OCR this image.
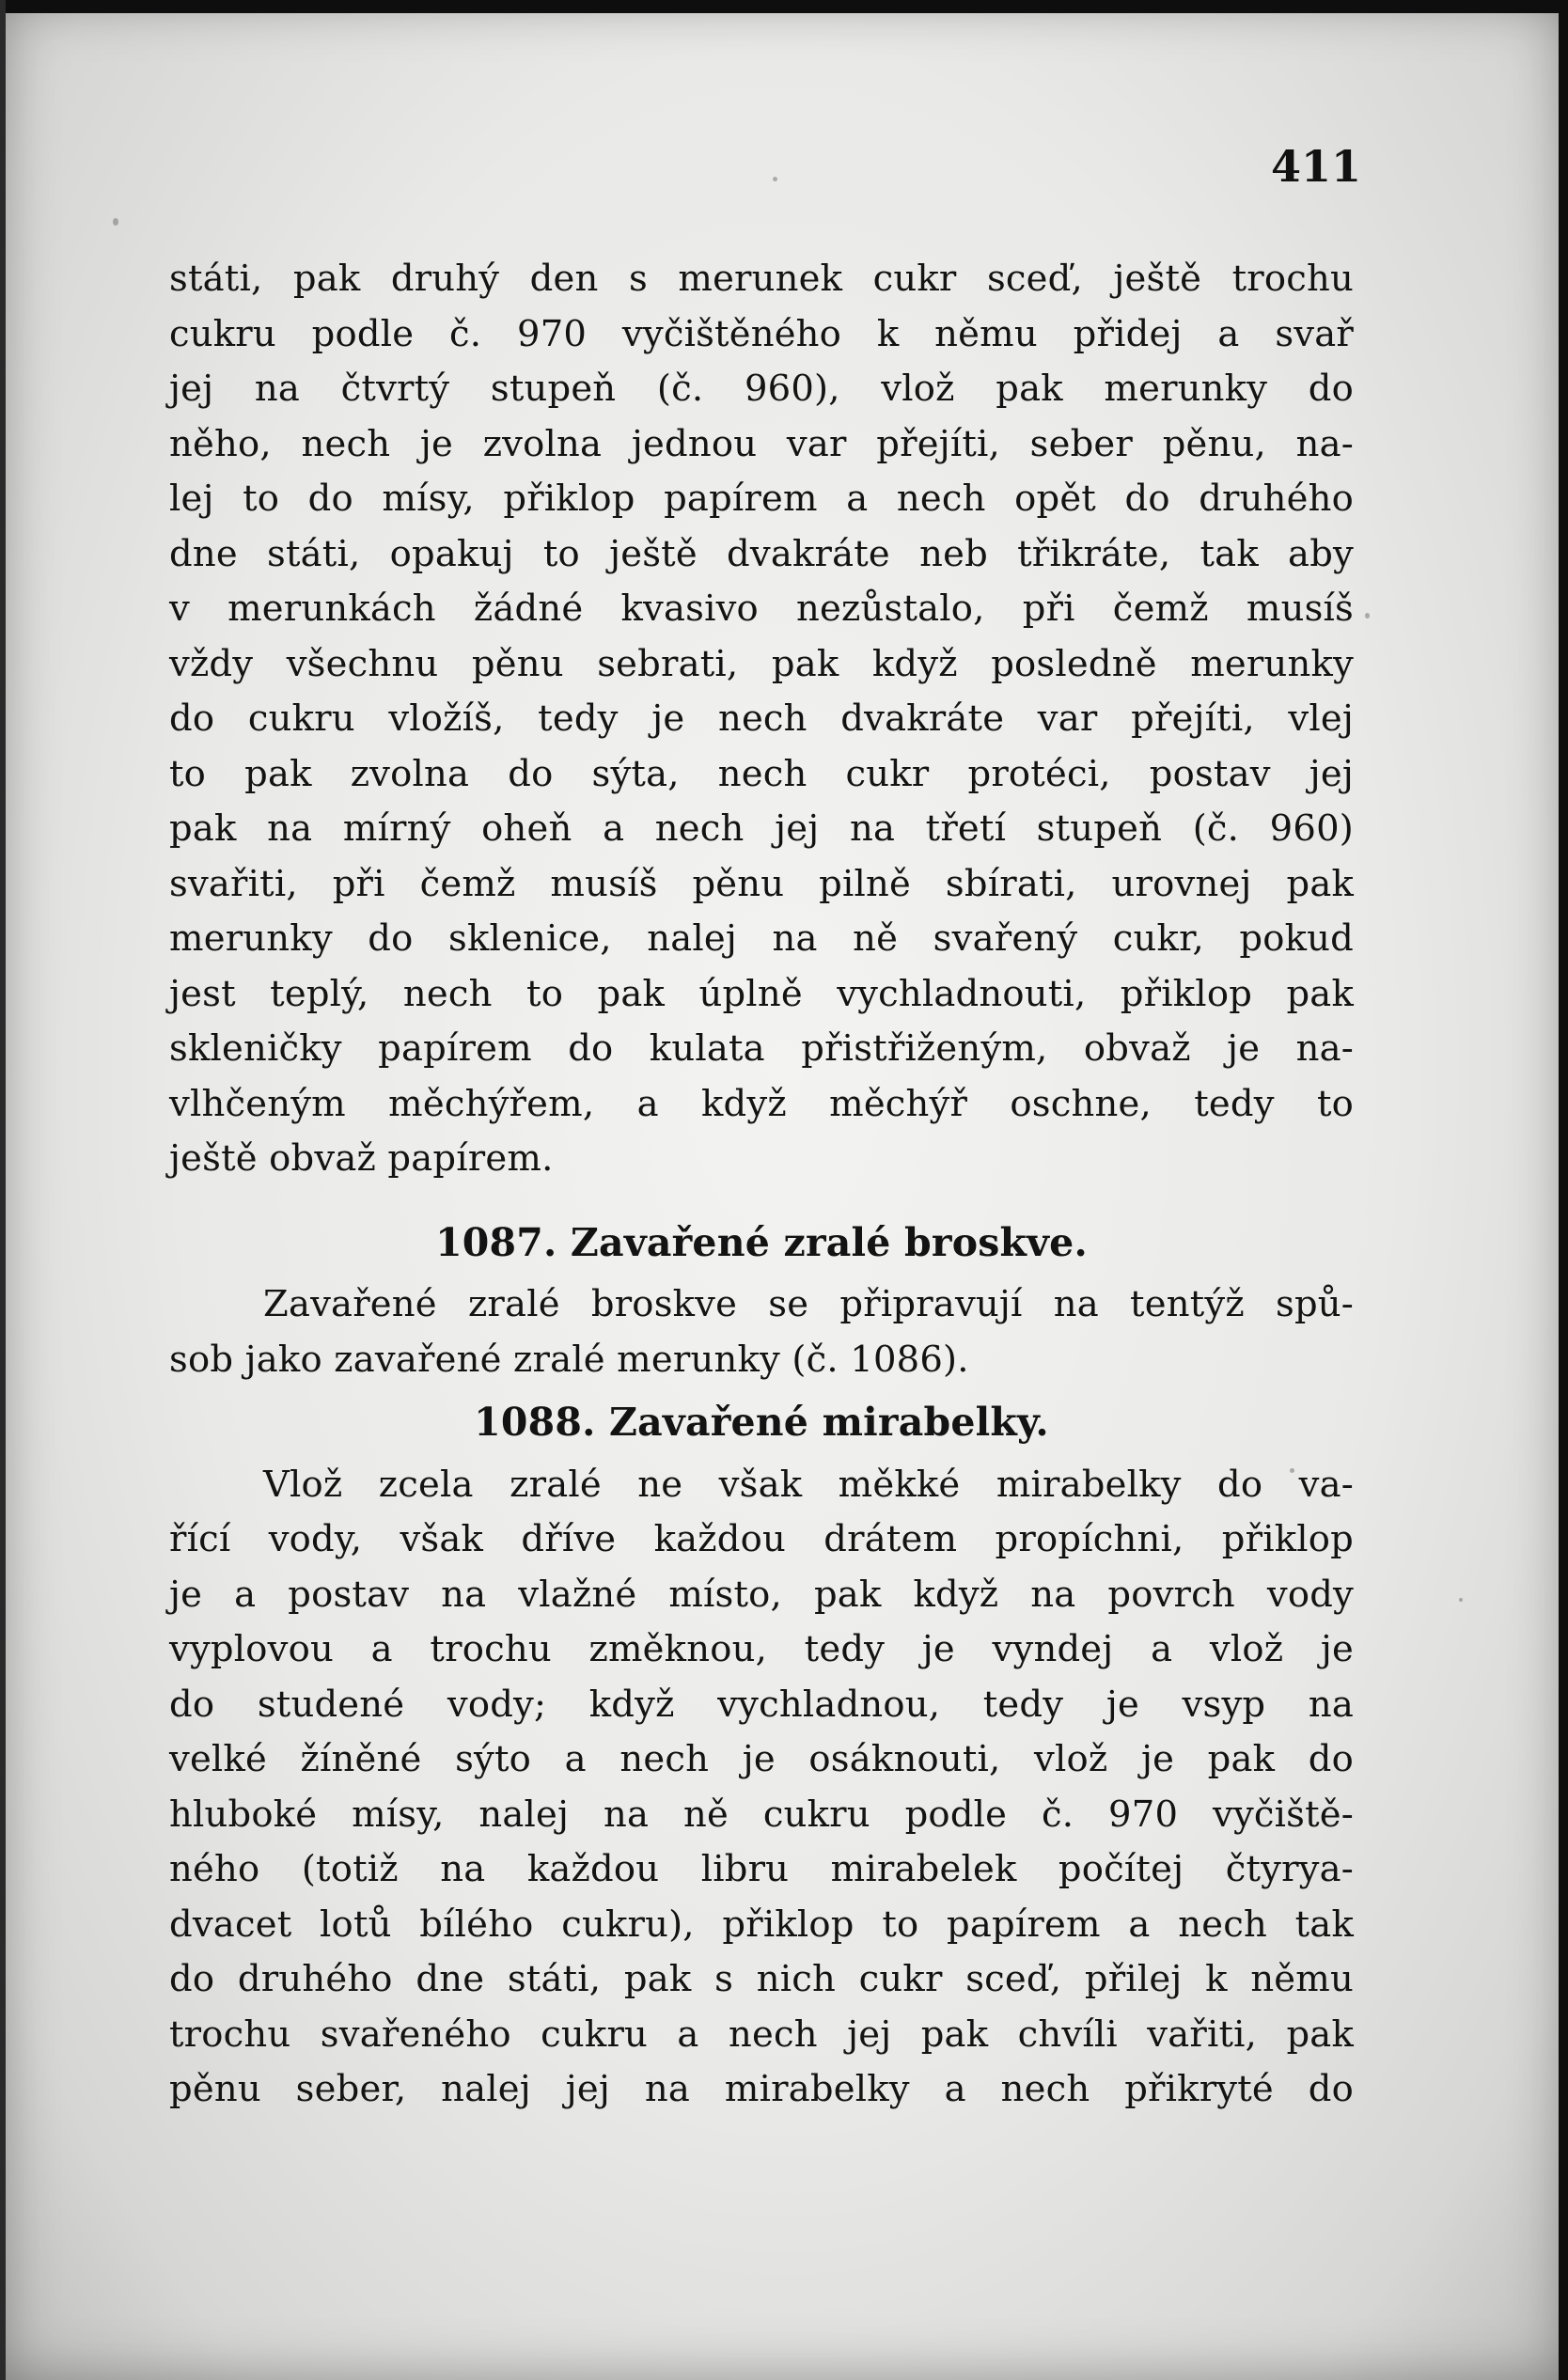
411
státi, pak druhý den s merunek cukr sceď, ještě trochu
cukru podle č. 970 vyčištěného k němu přidej a svař
jej na čtvrtý stupeň (č. 960), vlož pak merunky do
něho, nech je zvolna jednou var přejíti, seber pěnu, na-
lej to do mísy, přiklop papírem a nech opět do druhého
dne státi, opakuj to ještě dvakráte neb třikráte, tak aby
v merunkách žádné kvasivo nezůstalo, při čemž musíš
vždy všechnu pěnu sebrati, pak když posledně merunky
do cukru vložíš, tedy je nech dvakráte var přejíti, vlej
to pak zvolna do sýta, nech cukr protéci, postav jej
pak na mírný oheň a nech jej na třetí stupeň (č. 960)
svařiti, při čemž musíš pěnu pilně sbírati, urovnej pak
merunky do sklenice, nalej na ně svařený cukr, pokud
jest teplý, nech to pak úplně vychladnouti, přiklop pak
skleničky papírem do kulata přistřiženým, obvaž je na-
vlhčeným měchýřem, a když měchýř oschne, tedy to
ještě obvaž papírem.
1087. Zavařené zralé broskve.
Zavařené zralé broskve se připravují na tentýž spů-
sob jako zavařené zralé merunky (č. 1086).
1088. Zavařené mirabelky.
Vlož zcela zralé ne však měkké mirabelky do va-
řící vody, však dříve každou drátem propíchni, přiklop
je a postav na vlažné místo, pak když na povrch vody
vyplovou a trochu změknou, tedy je vyndej a vlož je
do studené vody; když vychladnou, tedy je vsyp na
velké žíněné sýto a nech je osáknouti, vlož je pak do
hluboké mísy, nalej na ně cukru podle č. 970 vyčiště-
ného (totiž na každou libru mirabelek počítej čtyrya-
dvacet lotů bílého cukru), přiklop to papírem a nech tak
do druhého dne státi, pak s nich cukr sceď, přilej k němu
trochu svařeného cukru a nech jej pak chvíli vařiti, pak
pěnu seber, nalej jej na mirabelky a nech přikryté do
